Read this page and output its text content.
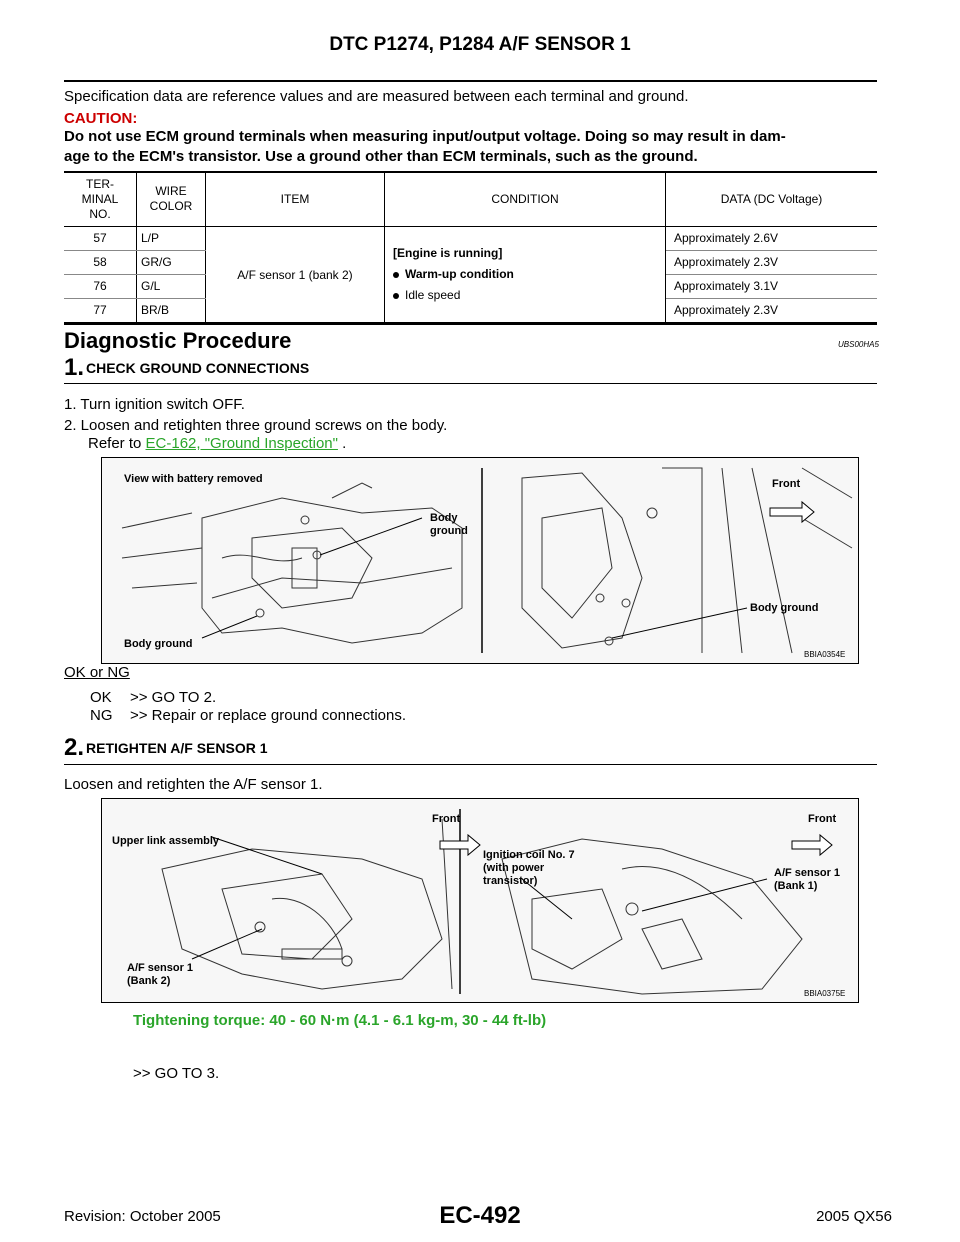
DTC P1274, P1284 A/F SENSOR 1
Specification data are reference values and are measured between each terminal and ground.
CAUTION:
Do not use ECM ground terminals when measuring input/output voltage. Doing so may result in dam-
age to the ECM's transistor. Use a ground other than ECM terminals, such as the ground.
TER-
MINAL
NO.	WIRE
COLOR	ITEM	CONDITION	DATA (DC Voltage)
57	L/P	A/F sensor 1 (bank 2)	[Engine is running]
Warm-up condition
Idle speed	Approximately 2.6V
58	GR/G			Approximately 2.3V
76	G/L			Approximately 3.1V
77	BR/B			Approximately 2.3V
Diagnostic Procedure	UBS00HA5
1. CHECK GROUND CONNECTIONS
1. Turn ignition switch OFF.
2. Loosen and retighten three ground screws on the body.
Refer to EC-162, "Ground Inspection" .
View with battery removed
Body
ground
Body ground
Body ground
Front
BBIA0354E
OK or NG
OK >> GO TO 2.
NG >> Repair or replace ground connections.
2. RETIGHTEN A/F SENSOR 1
Loosen and retighten the A/F sensor 1.
Upper link assembly
Front	Front
Ignition coil No. 7
(with power
transistor)
A/F sensor 1
(Bank 1)
A/F sensor 1
(Bank 2)
BBIA0375E
Tightening torque: 40 - 60 N·m (4.1 - 6.1 kg-m, 30 - 44 ft-lb)
>> GO TO 3.
Revision: October 2005	EC-492	2005 QX56
